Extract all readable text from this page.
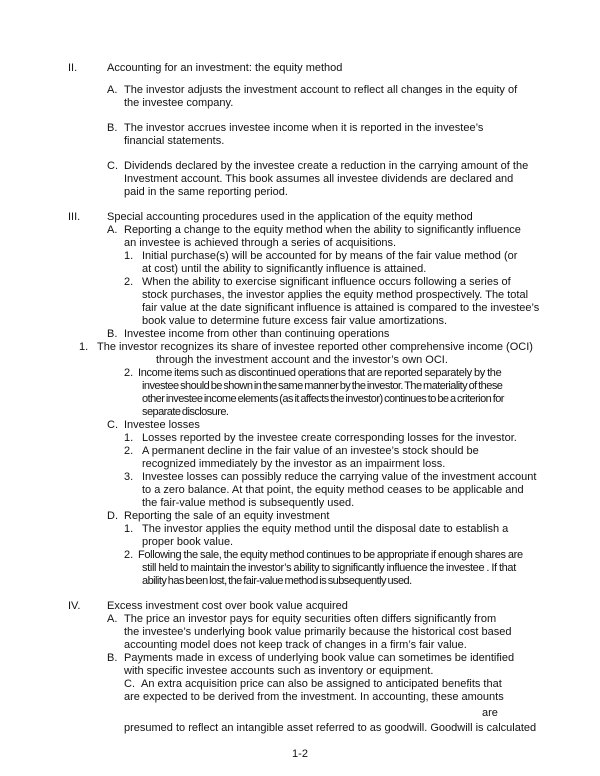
II.	Accounting for an investment: the equity method
A. The investor adjusts the investment account to reflect all changes in the equity of
the investee company.
B. The investor accrues investee income when it is reported in the investee’s
financial statements.
C. Dividends declared by the investee create a reduction in the carrying amount of the
Investment account. This book assumes all investee dividends are declared and
paid in the same reporting period.
III. Special accounting procedures used in the application of the equity method
A. Reporting a change to the equity method when the ability to significantly influence
an investee is achieved through a series of acquisitions.
1. Initial purchase(s) will be accounted for by means of the fair value method (or
at cost) until the ability to significantly influence is attained.
2. When the ability to exercise significant influence occurs following a series of
stock purchases, the investor applies the equity method prospectively. The total
fair value at the date significant influence is attained is compared to the investee’s
book value to determine future excess fair value amortizations.
B. Investee income from other than continuing operations
1. The investor recognizes its share of investee reported other comprehensive income (OCI)
through the investment account and the investor’s own OCI.
2. Income items such as discontinued operations that are reported separately by the
investee should be shown in the same manner by the investor. The materiality of these
other investee income elements (as it affects the investor) continues to be a criterion for
separate disclosure.
C. Investee losses
1. Losses reported by the investee create corresponding losses for the investor.
2. A permanent decline in the fair value of an investee’s stock should be
recognized immediately by the investor as an impairment loss.
3. Investee losses can possibly reduce the carrying value of the investment account
to a zero balance. At that point, the equity method ceases to be applicable and
the fair-value method is subsequently used.
D. Reporting the sale of an equity investment
1. The investor applies the equity method until the disposal date to establish a
proper book value.
2. Following the sale, the equity method continues to be appropriate if enough shares are
still held to maintain the investor’s ability to significantly influence the investee . If that
ability has been lost, the fair-value method is subsequently used.
IV. Excess investment cost over book value acquired
A. The price an investor pays for equity securities often differs significantly from
the investee’s underlying book value primarily because the historical cost based
accounting model does not keep track of changes in a firm’s fair value.
B. Payments made in excess of underlying book value can sometimes be identified
with specific investee accounts such as inventory or equipment.
C. An extra acquisition price can also be assigned to anticipated benefits that
are expected to be derived from the investment. In accounting, these amounts
are
presumed to reflect an intangible asset referred to as goodwill. Goodwill is calculated
1-2
